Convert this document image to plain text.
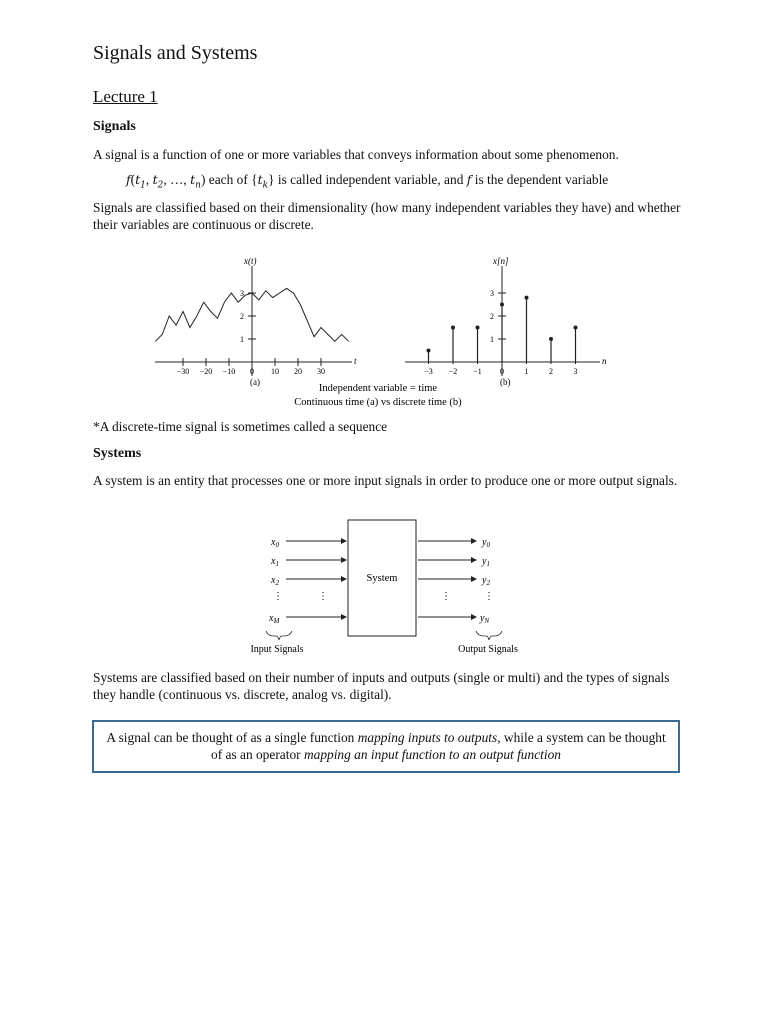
Signals and Systems
Lecture 1
Signals
A signal is a function of one or more variables that conveys information about some phenomenon.
$f(t_1$, $t_2$, …, $t_n$) each of $\{t_k\}$ is called independent variable, and f is the dependent variable
Signals are classified based on their dimensionality (how many independent variables they have) and whether their variables are continuous or discrete.
x(t)
t
−30 −20 −10 0 10 20 30
1
2
3
(a)
x[n]
n
−3 −2 −1 0	1	2	3
1
2
3
(b)
Independent variable = time
Continuous time (a) vs discrete time (b)
*A discrete-time signal is sometimes called a sequence
Systems
A system is an entity that processes one or more input signals in order to produce one or more output signals.
System
$x_0$
$x_1$
$x_2$
⋮	⋮
$x_M$
$y_0$
$y_1$
$y_2$
⋮	⋮
$y_N$
Input Signals	Output Signals
Systems are classified based on their number of inputs and outputs (single or multi) and the types of signals they handle (continuous vs. discrete, analog vs. digital).
A signal can be thought of as a single function mapping inputs to outputs, while a system can be thought of as an operator mapping an input function to an output function
